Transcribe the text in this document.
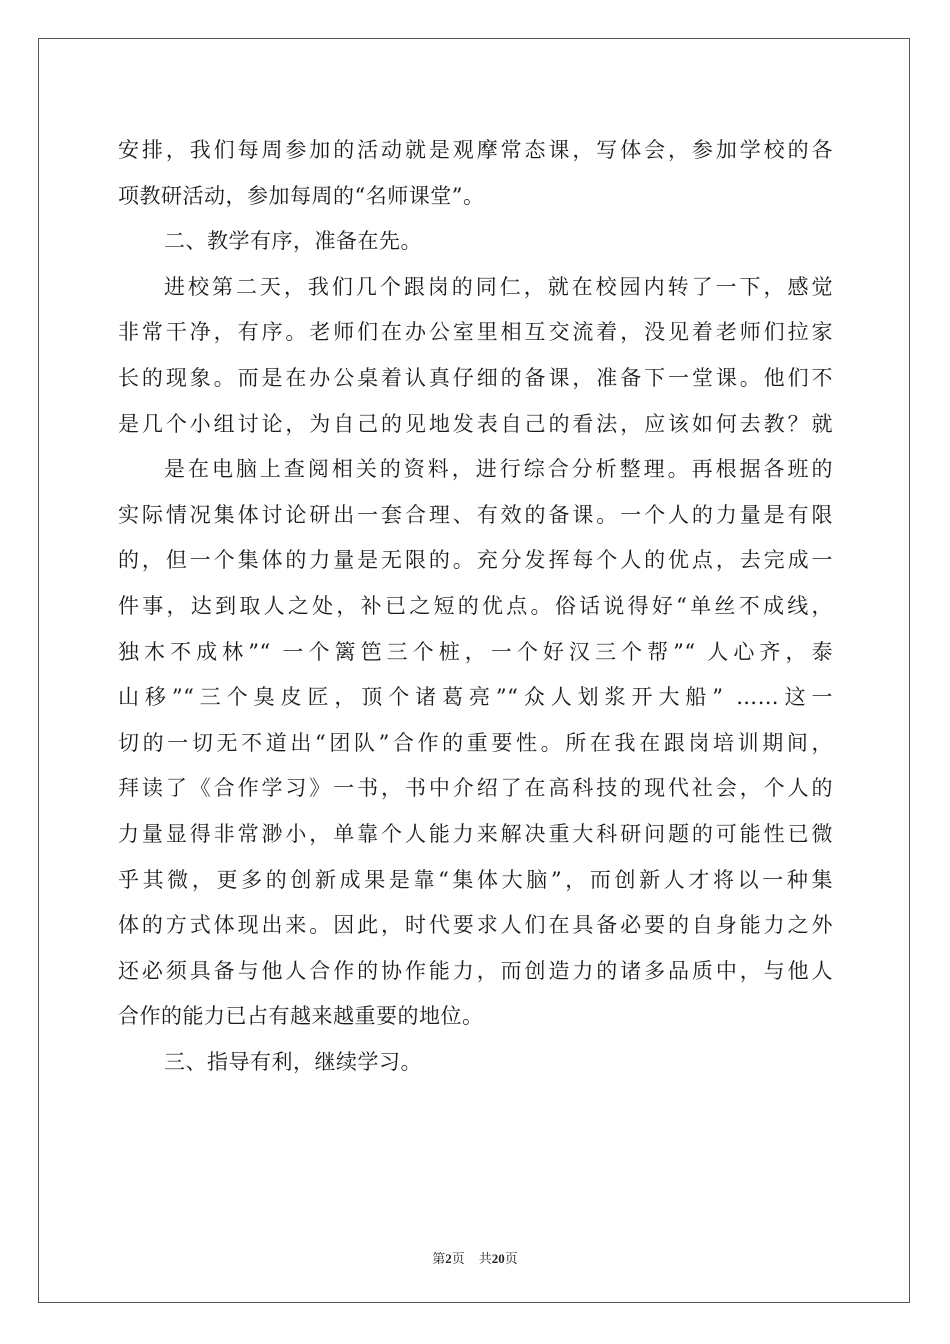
安排，我们每周参加的活动就是观摩常态课，写体会，参加学校的各
项教研活动，参加每周的“名师课堂”。
二、教学有序，准备在先。
进校第二天，我们几个跟岗的同仁，就在校园内转了一下，感觉
非常干净，有序。老师们在办公室里相互交流着，没见着老师们拉家
长的现象。而是在办公桌着认真仔细的备课，准备下一堂课。他们不
是几个小组讨论，为自己的见地发表自己的看法，应该如何去教？就
是在电脑上查阅相关的资料，进行综合分析整理。再根据各班的
实际情况集体讨论研出一套合理、有效的备课。一个人的力量是有限
的，但一个集体的力量是无限的。充分发挥每个人的优点，去完成一
件事，达到取人之处，补已之短的优点。俗话说得好“单丝不成线，
独木不成林”“ 一个篱笆三个桩，一个好汉三个帮”“ 人心齐，泰
山移”“三个臭皮匠，顶个诸葛亮”“众人划浆开大船” ……这一
切的一切无不道出“团队”合作的重要性。所在我在跟岗培训期间，
拜读了《合作学习》一书，书中介绍了在高科技的现代社会，个人的
力量显得非常渺小，单靠个人能力来解决重大科研问题的可能性已微
乎其微，更多的创新成果是靠“集体大脑”，而创新人才将以一种集
体的方式体现出来。因此，时代要求人们在具备必要的自身能力之外
还必须具备与他人合作的协作能力，而创造力的诸多品质中，与他人
合作的能力已占有越来越重要的地位。
三、指导有利，继续学习。
第2页 共20页
